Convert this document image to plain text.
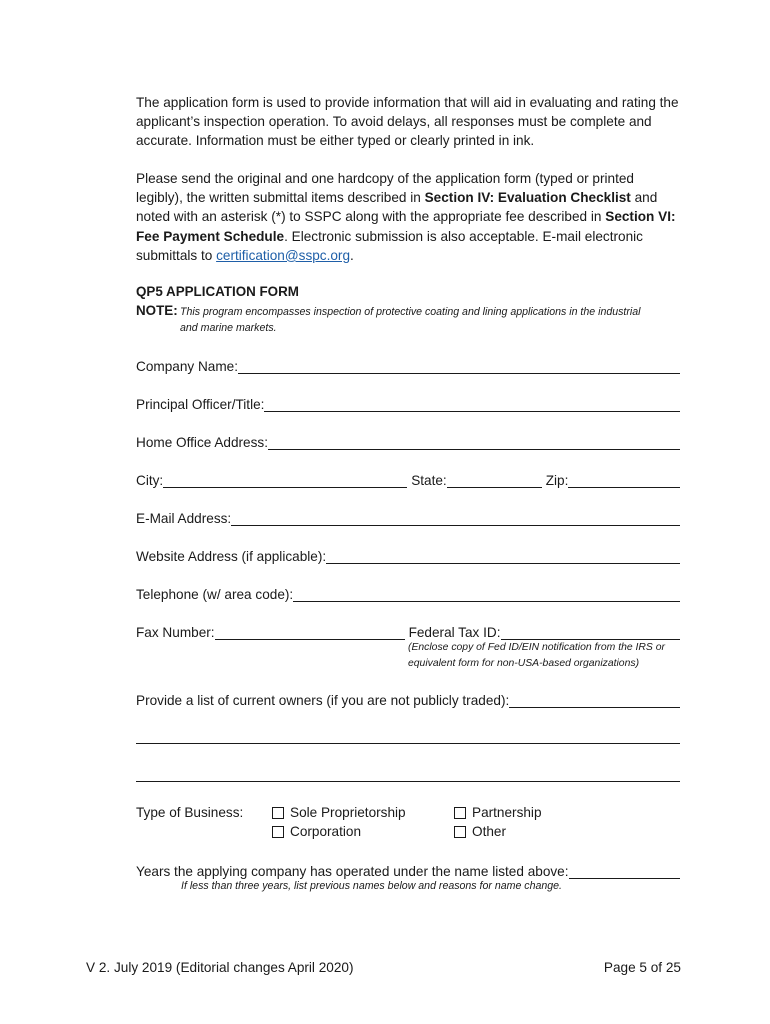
The application form is used to provide information that will aid in evaluating and rating the applicant’s inspection operation. To avoid delays, all responses must be complete and accurate. Information must be either typed or clearly printed in ink.
Please send the original and one hardcopy of the application form (typed or printed legibly), the written submittal items described in Section IV: Evaluation Checklist and noted with an asterisk (*) to SSPC along with the appropriate fee described in Section VI: Fee Payment Schedule. Electronic submission is also acceptable. E-mail electronic submittals to certification@sspc.org.
QP5 APPLICATION FORM
NOTE: This program encompasses inspection of protective coating and lining applications in the industrial and marine markets.
Company Name:
Principal Officer/Title:
Home Office Address:
City:	State:	Zip:
E-Mail Address:
Website Address (if applicable):
Telephone (w/ area code):
Fax Number:	Federal Tax ID:
(Enclose copy of Fed ID/EIN notification from the IRS or equivalent form for non-USA-based organizations)
Provide a list of current owners (if you are not publicly traded):
Type of Business:	Sole Proprietorship	Partnership
Corporation	Other
Years the applying company has operated under the name listed above:
If less than three years, list previous names below and reasons for name change.
V 2. July 2019 (Editorial changes April 2020)	Page 5 of 25
